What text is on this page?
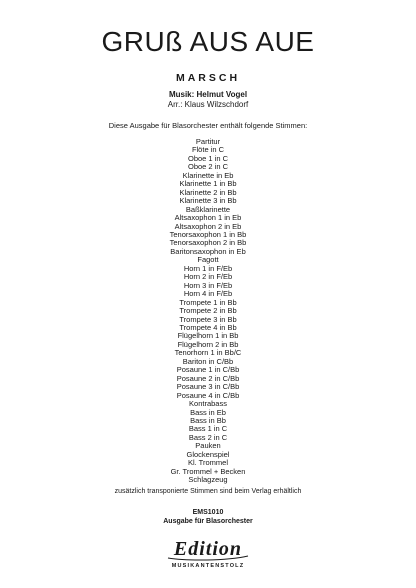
GRUß AUS AUE
MARSCH
Musik: Helmut Vogel
Arr.: Klaus Wilzschdorf
Diese Ausgabe für Blasorchester enthält folgende Stimmen:
Partitur
Flöte in C
Oboe 1 in C
Oboe 2 in C
Klarinette in Eb
Klarinette 1 in Bb
Klarinette 2 in Bb
Klarinette 3 in Bb
Baßklarinette
Altsaxophon 1 in Eb
Altsaxophon 2 in Eb
Tenorsaxophon 1 in Bb
Tenorsaxophon 2 in Bb
Baritonsaxophon in Eb
Fagott
Horn 1 in F/Eb
Horn 2 in F/Eb
Horn 3 in F/Eb
Horn 4 in F/Eb
Trompete 1 in Bb
Trompete 2 in Bb
Trompete 3 in Bb
Trompete 4 in Bb
Flügelhorn 1 in Bb
Flügelhorn 2 in Bb
Tenorhorn 1 in Bb/C
Bariton in C/Bb
Posaune 1 in C/Bb
Posaune 2 in C/Bb
Posaune 3 in C/Bb
Posaune 4 in C/Bb
Kontrabass
Bass in Eb
Bass in Bb
Bass 1 in C
Bass 2 in C
Pauken
Glockenspiel
Kl. Trommel
Gr. Trommel + Becken
Schlagzeug
zusätzlich transponierte Stimmen sind beim Verlag erhältlich
EMS1010
Ausgabe für Blasorchester
Edition
MUSIKANTENSTOLZ
